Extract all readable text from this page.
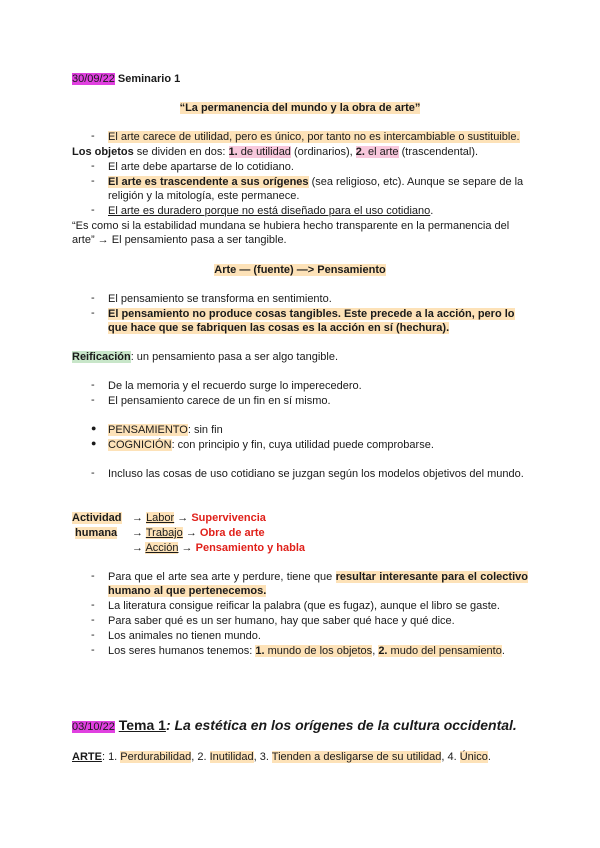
30/09/22 Seminario 1
“La permanencia del mundo y la obra de arte”
- El arte carece de utilidad, pero es único, por tanto no es intercambiable o sustituible.
Los objetos se dividen en dos: 1. de utilidad (ordinarios), 2. el arte (trascendental).
- El arte debe apartarse de lo cotidiano.
- El arte es trascendente a sus orígenes (sea religioso, etc). Aunque se separe de la religión y la mitología, este permanece.
- El arte es duradero porque no está diseñado para el uso cotidiano.
“Es como si la estabilidad mundana se hubiera hecho transparente en la permanencia del
arte” → El pensamiento pasa a ser tangible.
Arte — (fuente) —> Pensamiento
- El pensamiento se transforma en sentimiento.
- El pensamiento no produce cosas tangibles. Este precede a la acción, pero lo que hace que se fabriquen las cosas es la acción en sí (hechura).
Reificación: un pensamiento pasa a ser algo tangible.
- De la memoria y el recuerdo surge lo imperecedero.
- El pensamiento carece de un fin en sí mismo.
● PENSAMIENTO: sin fin
● COGNICIÓN: con principio y fin, cuya utilidad puede comprobarse.
- Incluso las cosas de uso cotidiano se juzgan según los modelos objetivos del mundo.
Actividad
humana
→ Labor → Supervivencia
→ Trabajo → Obra de arte
→ Acción → Pensamiento y habla
- Para que el arte sea arte y perdure, tiene que resultar interesante para el colectivo humano al que pertenecemos.
- La literatura consigue reificar la palabra (que es fugaz), aunque el libro se gaste.
- Para saber qué es un ser humano, hay que saber qué hace y qué dice.
- Los animales no tienen mundo.
- Los seres humanos tenemos: 1. mundo de los objetos, 2. mudo del pensamiento.
03/10/22 Tema 1: La estética en los orígenes de la cultura occidental.
ARTE: 1. Perdurabilidad, 2. Inutilidad, 3. Tienden a desligarse de su utilidad, 4. Único.
